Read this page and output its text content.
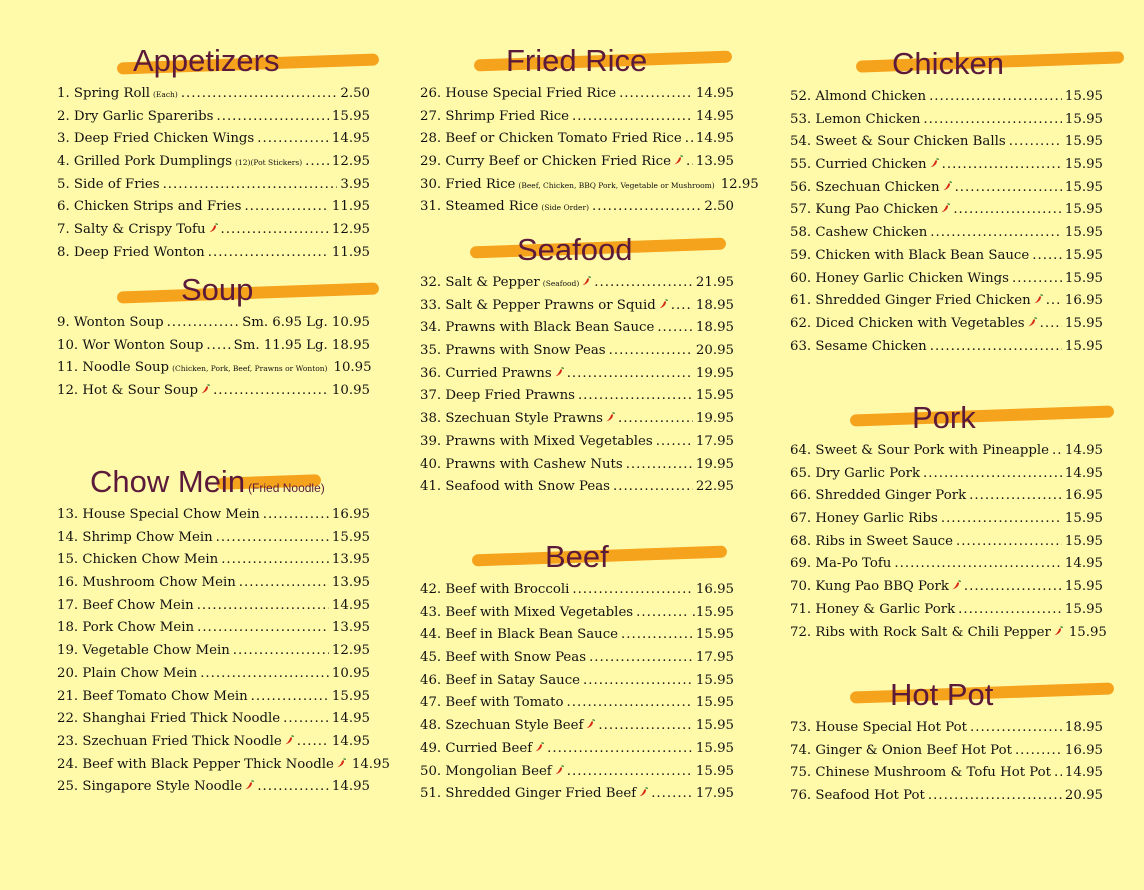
Appetizers
1. Spring Roll (Each) .....	2.50
2. Dry Garlic Spareribs .....	15.95
3. Deep Fried Chicken Wings .....	14.95
4. Grilled Pork Dumplings (12)(Pot Stickers) ..... 12.95
5. Side of Fries .....	3.95
6. Chicken Strips and Fries .....	11.95
7. Salty & Crispy Tofu .....	12.95
8. Deep Fried Wonton .....	11.95
Soup
9. Wonton Soup .....	Sm. 6.95 Lg. 10.95
10. Wor Wonton Soup ..... Sm. 11.95 Lg. 18.95
11. Noodle Soup (Chicken, Pork, Beef, Prawns or Wonton) 10.95
12. Hot & Sour Soup .....	10.95
Chow Mein (Fried Noodle)
13. House Special Chow Mein .....	16.95
14. Shrimp Chow Mein .....	15.95
15. Chicken Chow Mein .....	13.95
16. Mushroom Chow Mein .....	13.95
17. Beef Chow Mein .....	14.95
18. Pork Chow Mein .....	13.95
19. Vegetable Chow Mein .....	12.95
20. Plain Chow Mein .....	10.95
21. Beef Tomato Chow Mein .....	15.95
22. Shanghai Fried Thick Noodle .....	14.95
23. Szechuan Fried Thick Noodle .....	14.95
24. Beef with Black Pepper Thick Noodle 14.95
25. Singapore Style Noodle .....	14.95
Fried Rice
26. House Special Fried Rice .....	14.95
27. Shrimp Fried Rice .....	14.95
28. Beef or Chicken Tomato Fried Rice ..... 14.95
29. Curry Beef or Chicken Fried Rice ..... 13.95
30. Fried Rice (Beef, Chicken, BBQ Pork, Vegetable or Mushroom) 12.95
31. Steamed Rice (Side Order) .....	2.50
Seafood
32. Salt & Pepper (Seafood) .....	21.95
33. Salt & Pepper Prawns or Squid .....	18.95
34. Prawns with Black Bean Sauce .....	18.95
35. Prawns with Snow Peas .....	20.95
36. Curried Prawns .....	19.95
37. Deep Fried Prawns .....	15.95
38. Szechuan Style Prawns .....	19.95
39. Prawns with Mixed Vegetables .....	17.95
40. Prawns with Cashew Nuts .....	19.95
41. Seafood with Snow Peas .....	22.95
Beef
42. Beef with Broccoli .....	16.95
43. Beef with Mixed Vegetables .....	.15.95
44. Beef in Black Bean Sauce .....	15.95
45. Beef with Snow Peas .....	17.95
46. Beef in Satay Sauce .....	15.95
47. Beef with Tomato .....	15.95
48. Szechuan Style Beef .....	15.95
49. Curried Beef .....	15.95
50. Mongolian Beef .....	15.95
51. Shredded Ginger Fried Beef .....	17.95
Chicken
52. Almond Chicken .....	15.95
53. Lemon Chicken .....	15.95
54. Sweet & Sour Chicken Balls .....	15.95
55. Curried Chicken .....	15.95
56. Szechuan Chicken .....	15.95
57. Kung Pao Chicken .....	15.95
58. Cashew Chicken .....	15.95
59. Chicken with Black Bean Sauce .....	15.95
60. Honey Garlic Chicken Wings .....	15.95
61. Shredded Ginger Fried Chicken .....	16.95
62. Diced Chicken with Vegetables .....	15.95
63. Sesame Chicken .....	15.95
Pork
64. Sweet & Sour Pork with Pineapple ..... 14.95
65. Dry Garlic Pork .....	14.95
66. Shredded Ginger Pork .....	16.95
67. Honey Garlic Ribs .....	15.95
68. Ribs in Sweet Sauce .....	15.95
69. Ma-Po Tofu .....	14.95
70. Kung Pao BBQ Pork .....	15.95
71. Honey & Garlic Pork .....	15.95
72. Ribs with Rock Salt & Chili Pepper 15.95
Hot Pot
73. House Special Hot Pot .....	18.95
74. Ginger & Onion Beef Hot Pot .....	16.95
75. Chinese Mushroom & Tofu Hot Pot ..... 14.95
76. Seafood Hot Pot .....	20.95
